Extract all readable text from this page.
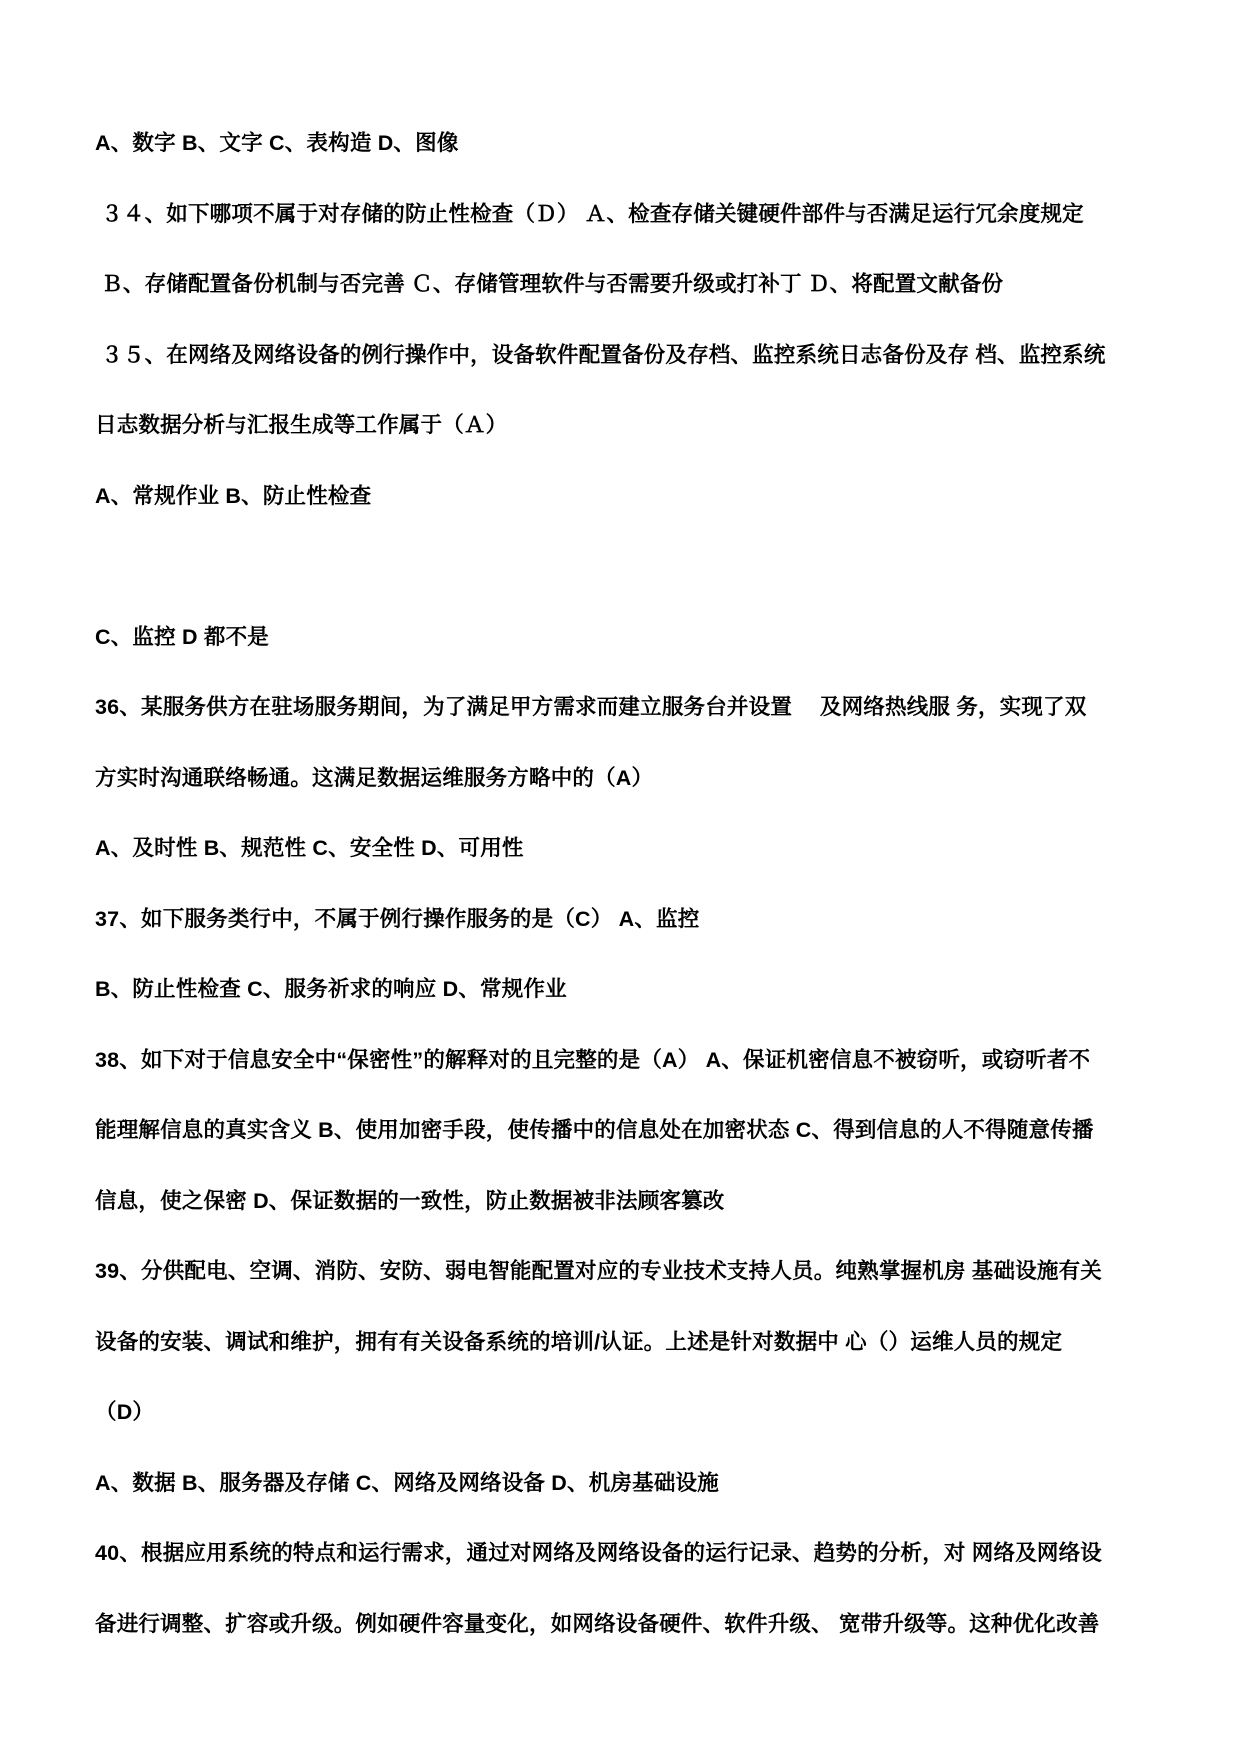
A、数字 B、文字 C、表构造 D、图像
３４、如下哪项不属于对存储的防止性检查（Ｄ） Ａ、检查存储关键硬件部件与否满足运行冗余度规定
Ｂ、存储配置备份机制与否完善 Ｃ、存储管理软件与否需要升级或打补丁 Ｄ、将配置文献备份
３５、在网络及网络设备的例行操作中，设备软件配置备份及存档、监控系统日志备份及存 档、监控系统
日志数据分析与汇报生成等工作属于（Ａ）
A、常规作业 B、防止性检查
C、监控 D 都不是
36、某服务供方在驻场服务期间，为了满足甲方需求而建立服务台并设置　 及网络热线服 务，实现了双
方实时沟通联络畅通。这满足数据运维服务方略中的（A）
A、及时性 B、规范性 C、安全性 D、可用性
37、如下服务类行中，不属于例行操作服务的是（C） A、监控
B、防止性检查 C、服务祈求的响应 D、常规作业
38、如下对于信息安全中“保密性”的解释对的且完整的是（A） A、保证机密信息不被窃听，或窃听者不
能理解信息的真实含义 B、使用加密手段，使传播中的信息处在加密状态 C、得到信息的人不得随意传播
信息，使之保密 D、保证数据的一致性，防止数据被非法顾客篡改
39、分供配电、空调、消防、安防、弱电智能配置对应的专业技术支持人员。纯熟掌握机房 基础设施有关
设备的安装、调试和维护，拥有有关设备系统的培训/认证。上述是针对数据中 心（）运维人员的规定
（D）
A、数据 B、服务器及存储 C、网络及网络设备 D、机房基础设施
40、根据应用系统的特点和运行需求，通过对网络及网络设备的运行记录、趋势的分析，对 网络及网络设
备进行调整、扩容或升级。例如硬件容量变化，如网络设备硬件、软件升级、 宽带升级等。这种优化改善
